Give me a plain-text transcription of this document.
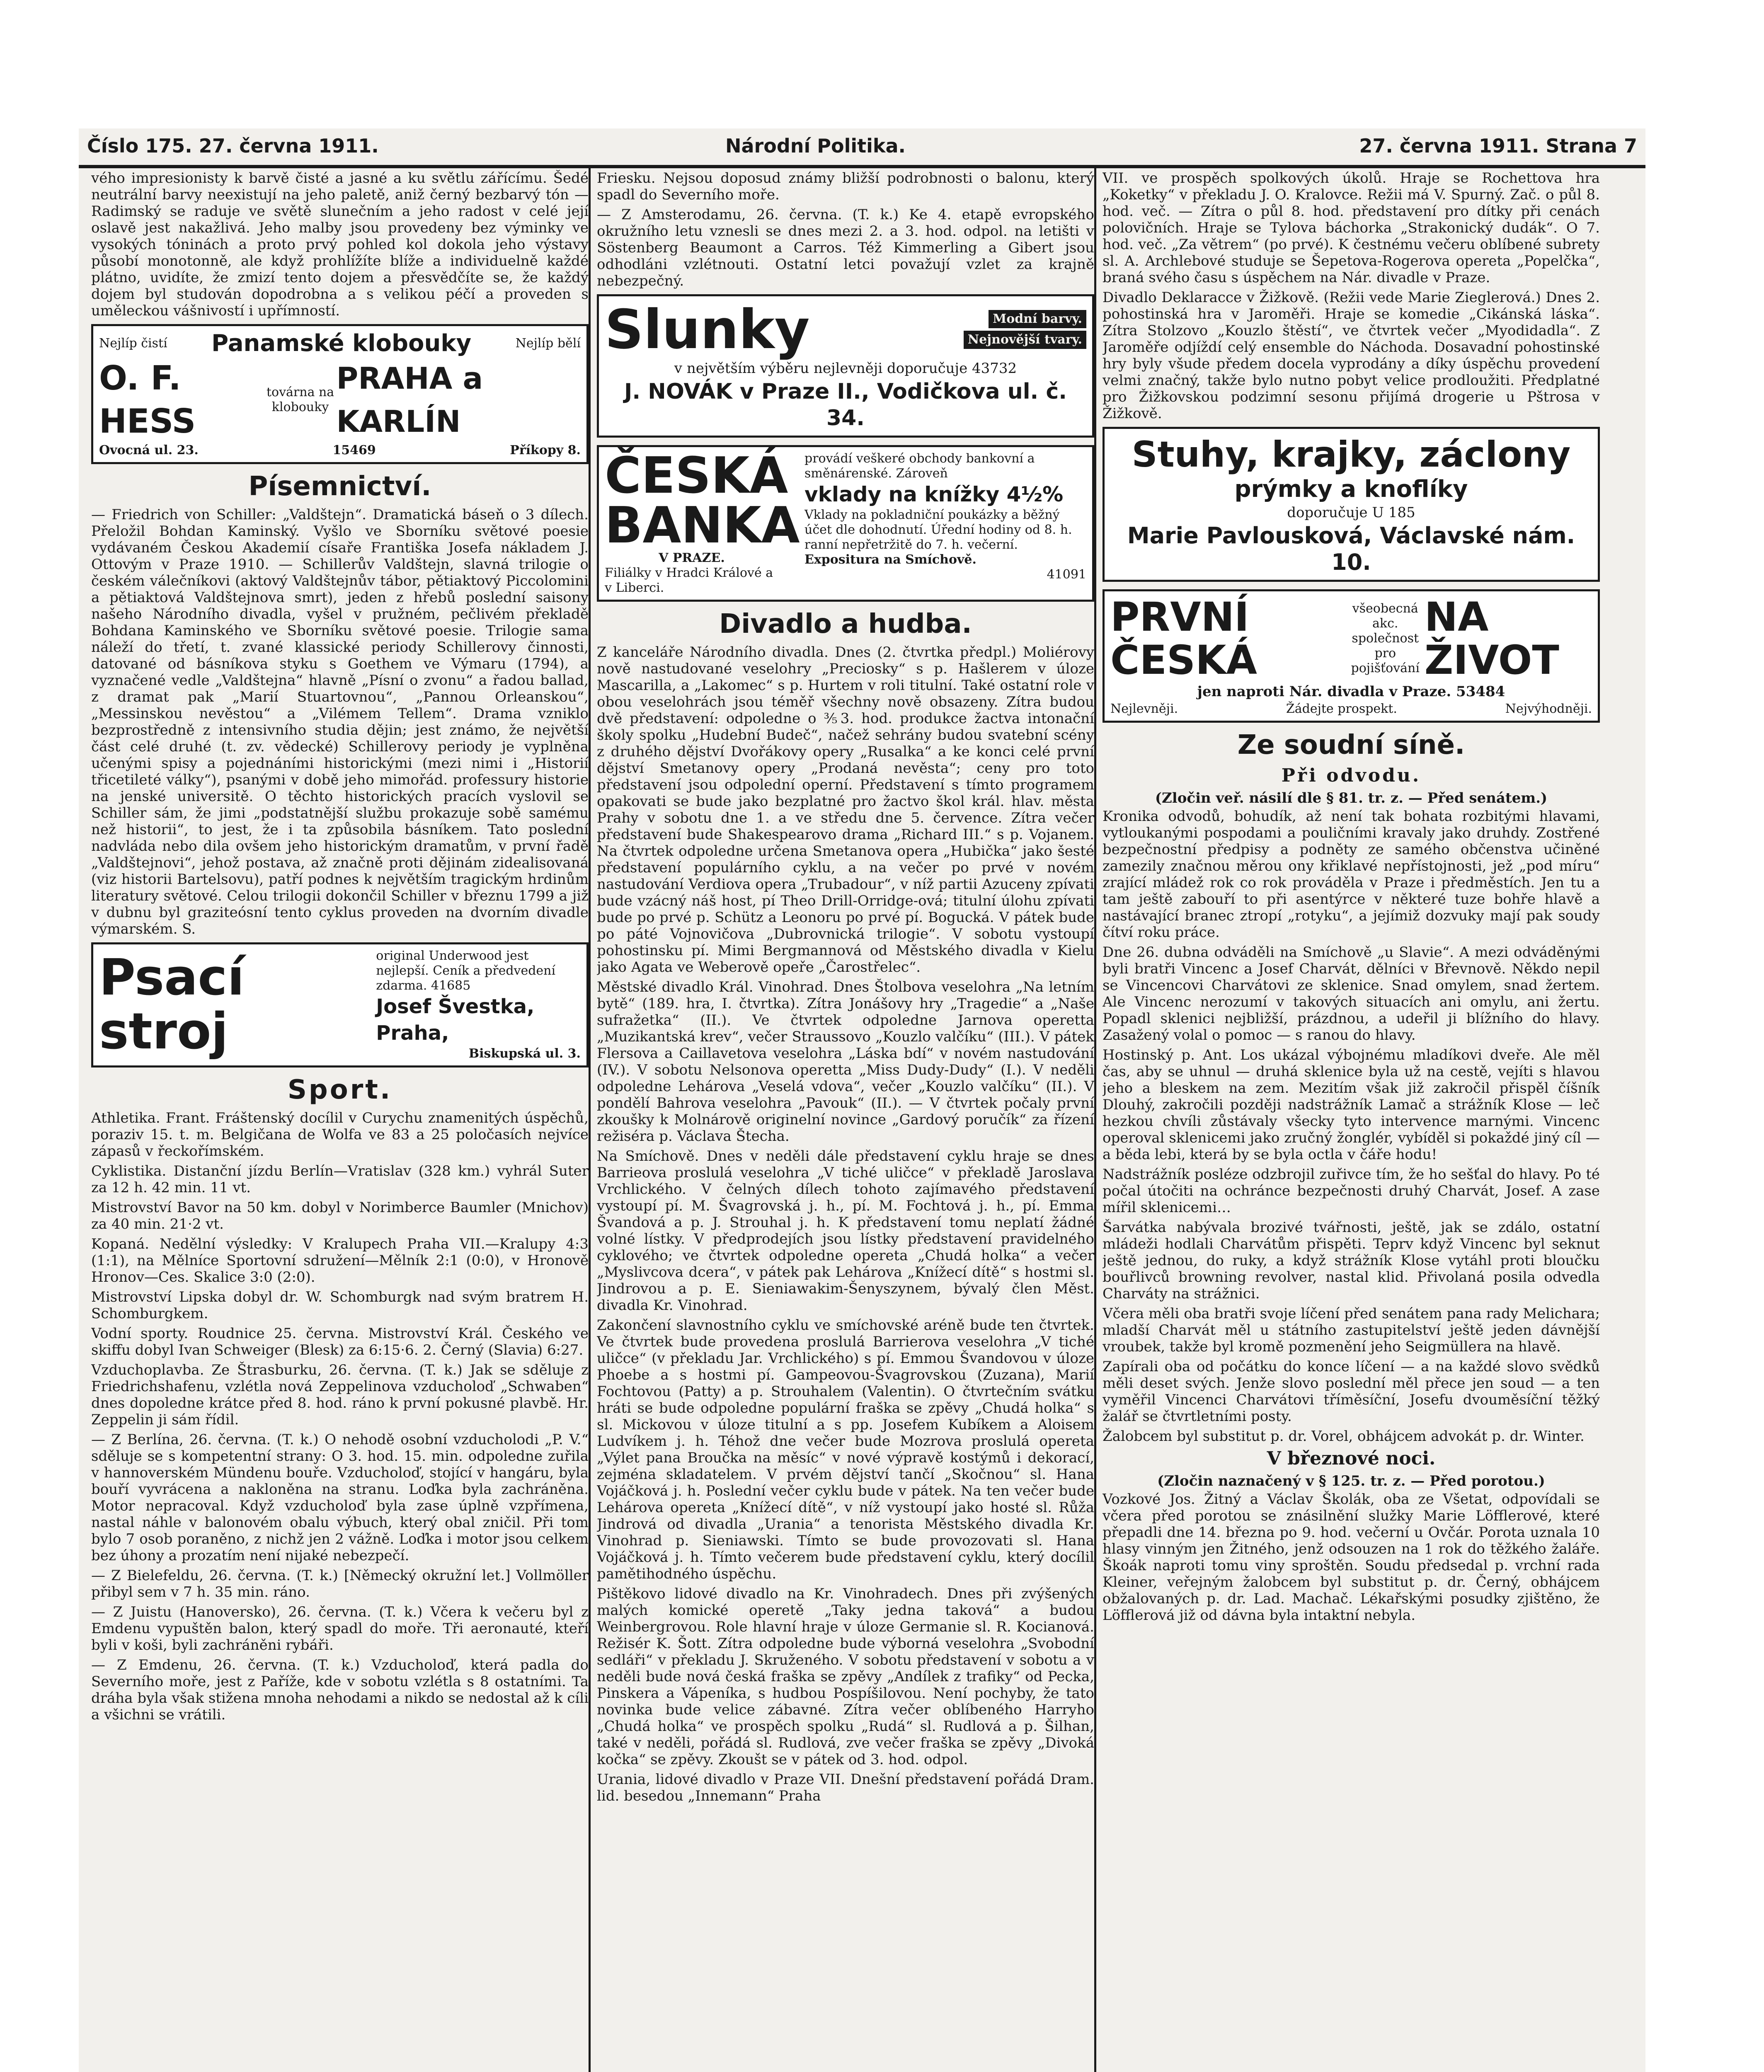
Číslo 175. 27. června 1911.	Národní Politika.	27. června 1911. Strana 7

vého impresionisty k barvě čisté a jasné a ku světlu zářícímu. Šedé neutrální barvy neexistují na jeho paletě, aniž černý bezbarvý tón — Radimský se raduje ve světě slunečním a jeho radost v celé její oslavě jest nakažlivá. Jeho malby jsou provedeny bez výminky ve vysokých tóninách a proto prvý pohled kol dokola jeho výstavy působí monotonně, ale když prohlížíte blíže a individuelně každé plátno, uvidíte, že zmizí tento dojem a přesvědčíte se, že každý dojem byl studován dopodrobna a s velikou péčí a proveden s uměleckou vášnivostí i upřímností.

Nejlíp čistí Panamské klobouky	Nejlíp bělí
O. F. HESS
továrna na klobouky
PRAHA a KARLÍN
Ovocná ul. 23.	15469	Příkopy 8.
Písemnictví.

— Friedrich von Schiller: „Valdštejn“. Dramatická báseň o 3 dílech. Přeložil Bohdan Kaminský. Vyšlo ve Sborníku světové poesie vydávaném Českou Akademií císaře Františka Josefa nákladem J. Ottovým v Praze 1910. — Schillerův Valdštejn, slavná trilogie o českém válečníkovi (aktový Valdštejnův tábor, pětiaktový Piccolomini a pětiaktová Valdštejnova smrt), jeden z hřebů poslední saisony našeho Národního divadla, vyšel v pružném, pečlivém překladě Bohdana Kaminského ve Sborníku světové poesie. Trilogie sama náleží do třetí, t. zvané klassické periody Schillerovy činnosti, datované od básníkova styku s Goethem ve Výmaru (1794), a vyznačené vedle „Valdštejna“ hlavně „Písní o zvonu“ a řadou ballad, z dramat pak „Marií Stuartovnou“, „Pannou Orleanskou“, „Messinskou nevěstou“ a „Vilémem Tellem“. Drama vzniklo bezprostředně z intensivního studia dějin; jest známo, že největší část celé druhé (t. zv. vědecké) Schillerovy periody je vyplněna učenými spisy a pojednáními historickými (mezi nimi i „Historií třicetileté války“), psanými v době jeho mimořád. professury historie na jenské universitě. O těchto historických pracích vyslovil se Schiller sám, že jimi „podstatnější službu prokazuje sobě samému než historii“, to jest, že i ta způsobila básníkem. Tato poslední nadvláda nebo dila ovšem jeho historickým dramatům, v první řadě „Valdštejnovi“, jehož postava, až značně proti dějinám zidealisovaná (viz historii Bartelsovu), patří podnes k největším tragickým hrdinům literatury světové. Celou trilogii dokončil Schiller v březnu 1799 a již v dubnu byl graziteósní tento cyklus proveden na dvorním divadle výmarském. S.

Psací stroj
original Underwood jest nejlepší. Ceník a předvedení zdarma. 41685
Josef Švestka, Praha,
Biskupská ul. 3.
Sport.

Athletika. Frant. Fráštenský docílil v Curychu znamenitých úspěchů, poraziv 15. t. m. Belgičana de Wolfa ve 83 a 25 poločasích nejvíce zápasů v řeckořímském.

Cyklistika. Distanční jízdu Berlín—Vratislav (328 km.) vyhrál Suter za 12 h. 42 min. 11 vt.

Mistrovství Bavor na 50 km. dobyl v Norimberce Baumler (Mnichov) za 40 min. 21·2 vt.

Kopaná. Nedělní výsledky: V Kralupech Praha VII.—Kralupy 4:3 (1:1), na Mělníce Sportovní sdružení—Mělník 2:1 (0:0), v Hronově Hronov—Ces. Skalice 3:0 (2:0).

Mistrovství Lipska dobyl dr. W. Schomburgk nad svým bratrem H. Schomburgkem.

Vodní sporty. Roudnice 25. června. Mistrovství Král. Českého ve skiffu dobyl Ivan Schweiger (Blesk) za 6:15·6. 2. Černý (Slavia) 6:27.

Vzduchoplavba. Ze Štrasburku, 26. června. (T. k.) Jak se sděluje z Friedrichshafenu, vzlétla nová Zeppelinova vzducholoď „Schwaben“ dnes dopoledne krátce před 8. hod. ráno k první pokusné plavbě. Hr. Zeppelin ji sám řídil.

— Z Berlína, 26. června. (T. k.) O nehodě osobní vzducholodi „P. V.“ sděluje se s kompetentní strany: O 3. hod. 15. min. odpoledne zuřila v hannoverském Mündenu bouře. Vzducholoď, stojící v hangáru, byla bouří vyvrácena a nakloněna na stranu. Loďka byla zachráněna. Motor nepracoval. Když vzducholoď byla zase úplně vzpřímena, nastal náhle v balonovém obalu výbuch, který obal zničil. Při tom bylo 7 osob poraněno, z nichž jen 2 vážně. Loďka i motor jsou celkem bez úhony a prozatím není nijaké nebezpečí.

— Z Bielefeldu, 26. června. (T. k.) [Německý okružní let.] Vollmöller přibyl sem v 7 h. 35 min. ráno.

— Z Juistu (Hanoversko), 26. června. (T. k.) Včera k večeru byl z Emdenu vypuštěn balon, který spadl do moře. Tři aeronauté, kteří byli v koši, byli zachráněni rybáři.

— Z Emdenu, 26. června. (T. k.) Vzducholoď, která padla do Severního moře, jest z Paříže, kde v sobotu vzlétla s 8 ostatními. Ta dráha byla však stižena mnoha nehodami a nikdo se nedostal až k cíli a všichni se vrátili.

Friesku. Nejsou doposud známy bližší podrobnosti o balonu, který spadl do Severního moře.

— Z Amsterodamu, 26. června. (T. k.) Ke 4. etapě evropského okružního letu vznesli se dnes mezi 2. a 3. hod. odpol. na letišti v Söstenberg Beaumont a Carros. Též Kimmerling a Gibert jsou odhodláni vzlétnouti. Ostatní letci považují vzlet za krajně nebezpečný.

Slunky	Modní barvy.
Nejnovější tvary.
v největším výběru nejlevněji doporučuje 43732
J. NOVÁK v Praze II., Vodičkova ul. č. 34.
ČESKÁ
BANKA
V PRAZE.
Filiálky v Hradci Králové a v Liberci.
provádí veškeré obchody bankovní a směnárenské. Zároveň
vklady na knížky 4½%
Vklady na pokladniční poukázky a běžný účet dle dohodnutí. Úřední hodiny od 8. h. ranní nepřetržitě do 7. h. večerní.
Expositura na Smíchově.
41091
Divadlo a hudba.

Z kanceláře Národního divadla. Dnes (2. čtvrtka předpl.) Moliérovy nově nastudované veselohry „Preciosky“ s p. Hašlerem v úloze Mascarilla, a „Lakomec“ s p. Hurtem v roli titulní. Také ostatní role v obou veselohrách jsou téměř všechny nově obsazeny. Zítra budou dvě představení: odpoledne o ⅗3. hod. produkce žactva intonační školy spolku „Hudební Budeč“, načež sehrány budou svatební scény z druhého dějství Dvořákovy opery „Rusalka“ a ke konci celé první dějství Smetanovy opery „Prodaná nevěsta“; ceny pro toto představení jsou odpolední operní. Představení s tímto programem opakovati se bude jako bezplatné pro žactvo škol král. hlav. města Prahy v sobotu dne 1. a ve středu dne 5. července. Zítra večer představení bude Shakespearovo drama „Richard III.“ s p. Vojanem. Na čtvrtek odpoledne určena Smetanova opera „Hubička“ jako šesté představení populárního cyklu, a na večer po prvé v novém nastudování Verdiova opera „Trubadour“, v níž partii Azuceny zpívati bude vzácný náš host, pí Theo Drill-Orridge-ová; titulní úlohu zpívati bude po prvé p. Schütz a Leonoru po prvé pí. Bogucká. V pátek bude po páté Vojnovičova „Dubrovnická trilogie“. V sobotu vystoupí pohostinsku pí. Mimi Bergmannová od Městského divadla v Kielu jako Agata ve Weberově opeře „Čarostřelec“.

Městské divadlo Král. Vinohrad. Dnes Štolbova veselohra „Na letním bytě“ (189. hra, I. čtvrtka). Zítra Jonášovy hry „Tragedie“ a „Naše sufražetka“ (II.). Ve čtvrtek odpoledne Jarnova operetta „Muzikantská krev“, večer Straussovo „Kouzlo valčíku“ (III.). V pátek Flersova a Caillavetova veselohra „Láska bdí“ v novém nastudování (IV.). V sobotu Nelsonova operetta „Miss Dudy-Dudy“ (I.). V neděli odpoledne Lehárova „Veselá vdova“, večer „Kouzlo valčíku“ (II.). V pondělí Bahrova veselohra „Pavouk“ (II.). — V čtvrtek počaly první zkoušky k Molnárově originelní novince „Gardový poručík“ za řízení režiséra p. Václava Štecha.

Na Smíchově. Dnes v neděli dále představení cyklu hraje se dnes Barrieova proslulá veselohra „V tiché uličce“ v překladě Jaroslava Vrchlického. V čelných dílech tohoto zajímavého představení vystoupí pí. M. Švagrovská j. h., pí. M. Fochtová j. h., pí. Emma Švandová a p. J. Strouhal j. h. K představení tomu neplatí žádné volné lístky. V předprodejích jsou lístky představení pravidelného cyklového; ve čtvrtek odpoledne opereta „Chudá holka“ a večer „Myslivcova dcera“, v pátek pak Lehárova „Knížecí dítě“ s hostmi sl. Jindrovou a p. E. Sieniawakim-Šenyszynem, bývalý člen Měst. divadla Kr. Vinohrad.

Zakončení slavnostního cyklu ve smíchovské aréně bude ten čtvrtek. Ve čtvrtek bude provedena proslulá Barrierova veselohra „V tiché uličce“ (v překladu Jar. Vrchlického) s pí. Emmou Švandovou v úloze Phoebe a s hostmi pí. Gampeovou-Švagrovskou (Zuzana), Marií Fochtovou (Patty) a p. Strouhalem (Valentin). O čtvrtečním svátku hráti se bude odpoledne populární fraška se zpěvy „Chudá holka“ s sl. Mickovou v úloze titulní a s pp. Josefem Kubíkem a Aloisem Ludvíkem j. h. Téhož dne večer bude Mozrova proslulá opereta „Výlet pana Broučka na měsíc“ v nové výpravě kostýmů i dekorací, zejména skladatelem. V prvém dějství tančí „Skočnou“ sl. Hana Vojáčková j. h. Poslední večer cyklu bude v pátek. Na ten večer bude Lehárova opereta „Knížecí dítě“, v níž vystoupí jako hosté sl. Růža Jindrová od divadla „Urania“ a tenorista Městského divadla Kr. Vinohrad p. Sieniawski. Tímto se bude provozovati sl. Hana Vojáčková j. h. Tímto večerem bude představení cyklu, který docílil pamětihodného úspěchu.

Pištěkovo lidové divadlo na Kr. Vinohradech. Dnes při zvýšených malých komické operetě „Taky jedna taková“ a budou Weinbergrovou. Role hlavní hraje v úloze Germanie sl. R. Kocianová. Režisér K. Šott. Zítra odpoledne bude výborná veselohra „Svobodní sedláři“ v překladu J. Skruženého. V sobotu představení v sobotu a v neděli bude nová česká fraška se zpěvy „Andílek z trafiky“ od Pecka, Pinskera a Vápeníka, s hudbou Pospíšilovou. Není pochyby, že tato novinka bude velice zábavné. Zítra večer oblíbeného Harryho „Chudá holka“ ve prospěch spolku „Rudá“ sl. Rudlová a p. Šilhan, také v neděli, pořádá sl. Rudlová, zve večer fraška se zpěvy „Divoká kočka“ se zpěvy. Zkoušt se v pátek od 3. hod. odpol.

Urania, lidové divadlo v Praze VII. Dnešní představení pořádá Dram. lid. besedou „Innemann“ Praha

VII. ve prospěch spolkových úkolů. Hraje se Rochettova hra „Koketky“ v překladu J. O. Kralovce. Režii má V. Spurný. Zač. o půl 8. hod. več. — Zítra o půl 8. hod. představení pro dítky při cenách polovičních. Hraje se Tylova báchorka „Strakonický dudák“. O 7. hod. več. „Za větrem“ (po prvé). K čestnému večeru oblíbené subrety sl. A. Archlebové studuje se Šepetova-Rogerova opereta „Popelčka“, braná svého času s úspěchem na Nár. divadle v Praze.

Divadlo Deklaracce v Žižkově. (Režii vede Marie Zieglerová.) Dnes 2. pohostinská hra v Jaroměři. Hraje se komedie „Cikánská láska“. Zítra Stolzovo „Kouzlo štěstí“, ve čtvrtek večer „Myodidadla“. Z Jaroměře odjíždí celý ensemble do Náchoda. Dosavadní pohostinské hry byly všude předem docela vyprodány a díky úspěchu provedení velmi značný, takže bylo nutno pobyt velice prodloužiti. Předplatné pro Žižkovskou podzimní sesonu přijímá drogerie u Pštrosa v Žižkově.

Stuhy, krajky, záclony
prýmky a knoflíky
doporučuje U 185
Marie Pavlousková, Václavské nám. 10.
PRVNÍ ČESKÁ
všeobecná akc. společnost pro pojišťování
NA ŽIVOT
jen naproti Nár. divadla v Praze. 53484
Nejlevněji.	Žádejte prospekt.	Nejvýhodněji.
Ze soudní síně.
Při odvodu.
(Zločin veř. násilí dle § 81. tr. z. — Před senátem.)

Kronika odvodů, bohudík, až není tak bohata rozbitými hlavami, vytloukanými pospodami a pouličními kravaly jako druhdy. Zostřené bezpečnostní předpisy a podněty ze samého občenstva učiněné zamezily značnou měrou ony křiklavé nepřístojnosti, jež „pod míru“ zrající mládež rok co rok prováděla v Praze i předměstích. Jen tu a tam ještě zabouří to při asentýrce v některé tuze bohře hlavě a nastávající branec ztropí „rotyku“, a jejímiž dozvuky mají pak soudy čítví roku práce.

Dne 26. dubna odváděli na Smíchově „u Slavie“. A mezi odváděnými byli bratři Vincenc a Josef Charvát, dělníci v Břevnově. Někdo nepil se Vincencovi Charvátovi ze sklenice. Snad omylem, snad žertem. Ale Vincenc nerozumí v takových situacích ani omylu, ani žertu. Popadl sklenici nejbližší, prázdnou, a udeřil ji blížního do hlavy. Zasažený volal o pomoc — s ranou do hlavy.

Hostinský p. Ant. Los ukázal výbojnému mladíkovi dveře. Ale měl čas, aby se uhnul — druhá sklenice byla už na cestě, vejíti s hlavou jeho a bleskem na zem. Mezitím však již zakročil přispěl číšník Dlouhý, zakročili později nadstrážník Lamač a strážník Klose — leč hezkou chvíli zůstávaly všecky tyto intervence marnými. Vincenc operoval sklenicemi jako zručný žonglér, vybíděl si pokaždé jiný cíl — a běda lebi, která by se byla octla v čáře hodu!

Nadstrážník posléze odzbrojil zuřivce tím, že ho sešťal do hlavy. Po té počal útočiti na ochránce bezpečnosti druhý Charvát, Josef. A zase mířil sklenicemi…

Šarvátka nabývala brozivé tvářnosti, ještě, jak se zdálo, ostatní mládeži hodlali Charvátům přispěti. Teprv když Vincenc byl seknut ještě jednou, do ruky, a když strážník Klose vytáhl proti bloučku bouřlivců browning revolver, nastal klid. Přivolaná posila odvedla Charváty na strážnici.

Včera měli oba bratři svoje líčení před senátem pana rady Melichara; mladší Charvát měl u státního zastupitelství ještě jeden dávnější vroubek, takže byl kromě pozmenění jeho Seigmüllera na hlavě.

Zapírali oba od počátku do konce líčení — a na každé slovo svědků měli deset svých. Jenže slovo poslední měl přece jen soud — a ten vyměřil Vincenci Charvátovi tříměsíční, Josefu dvouměsíční těžký žalář se čtvrtletními posty.

Žalobcem byl substitut p. dr. Vorel, obhájcem advokát p. dr. Winter.

V březnové noci.
(Zločin naznačený v § 125. tr. z. — Před porotou.)

Vozkové Jos. Žitný a Václav Školák, oba ze Všetat, odpovídali se včera před porotou se znásilnění služky Marie Löfflerové, které přepadli dne 14. března po 9. hod. večerní u Ovčár. Porota uznala 10 hlasy vinným jen Žitného, jenž odsouzen na 1 rok do těžkého žaláře. Škoák naproti tomu viny sproštěn. Soudu předsedal p. vrchní rada Kleiner, veřejným žalobcem byl substitut p. dr. Černý, obhájcem obžalovaných p. dr. Lad. Machač. Lékařskými posudky zjištěno, že Löfflerová již od dávna byla intaktní nebyla.
